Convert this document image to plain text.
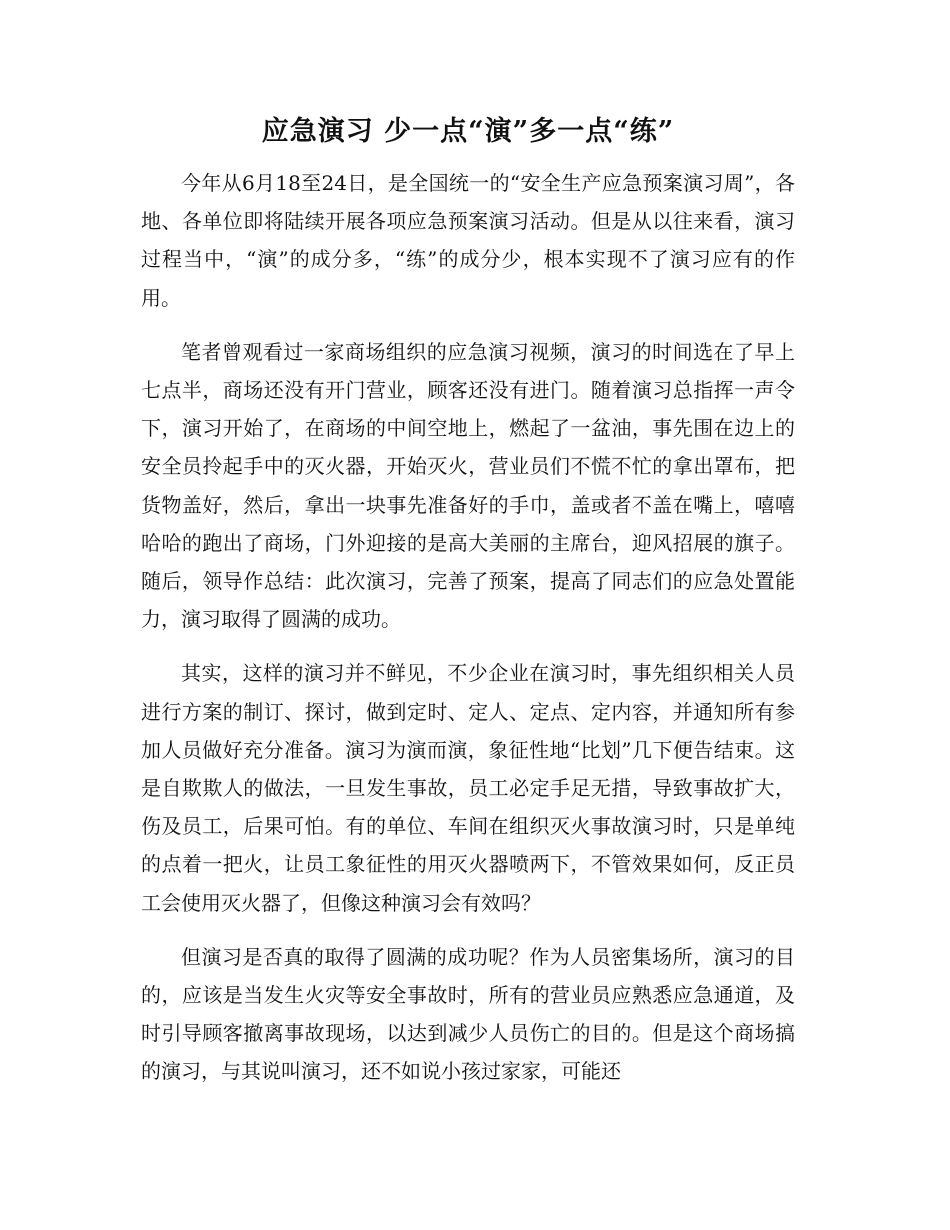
应急演习 少一点“演”多一点“练”

今年从6月18至24日，是全国统一的“安全生产应急预案演习周”，各地、各单位即将陆续开展各项应急预案演习活动。但是从以往来看，演习过程当中，“演”的成分多，“练”的成分少，根本实现不了演习应有的作用。

笔者曾观看过一家商场组织的应急演习视频，演习的时间选在了早上七点半，商场还没有开门营业，顾客还没有进门。随着演习总指挥一声令下，演习开始了，在商场的中间空地上，燃起了一盆油，事先围在边上的安全员拎起手中的灭火器，开始灭火，营业员们不慌不忙的拿出罩布，把货物盖好，然后，拿出一块事先准备好的手巾，盖或者不盖在嘴上，嘻嘻哈哈的跑出了商场，门外迎接的是高大美丽的主席台，迎风招展的旗子。随后，领导作总结：此次演习，完善了预案，提高了同志们的应急处置能力，演习取得了圆满的成功。

其实，这样的演习并不鲜见，不少企业在演习时，事先组织相关人员进行方案的制订、探讨，做到定时、定人、定点、定内容，并通知所有参加人员做好充分准备。演习为演而演，象征性地“比划”几下便告结束。这是自欺欺人的做法，一旦发生事故，员工必定手足无措，导致事故扩大，伤及员工，后果可怕。有的单位、车间在组织灭火事故演习时，只是单纯的点着一把火，让员工象征性的用灭火器喷两下，不管效果如何，反正员工会使用灭火器了，但像这种演习会有效吗？

但演习是否真的取得了圆满的成功呢？作为人员密集场所，演习的目的，应该是当发生火灾等安全事故时，所有的营业员应熟悉应急通道，及时引导顾客撤离事故现场，以达到减少人员伤亡的目的。但是这个商场搞的演习，与其说叫演习，还不如说小孩过家家，可能还
